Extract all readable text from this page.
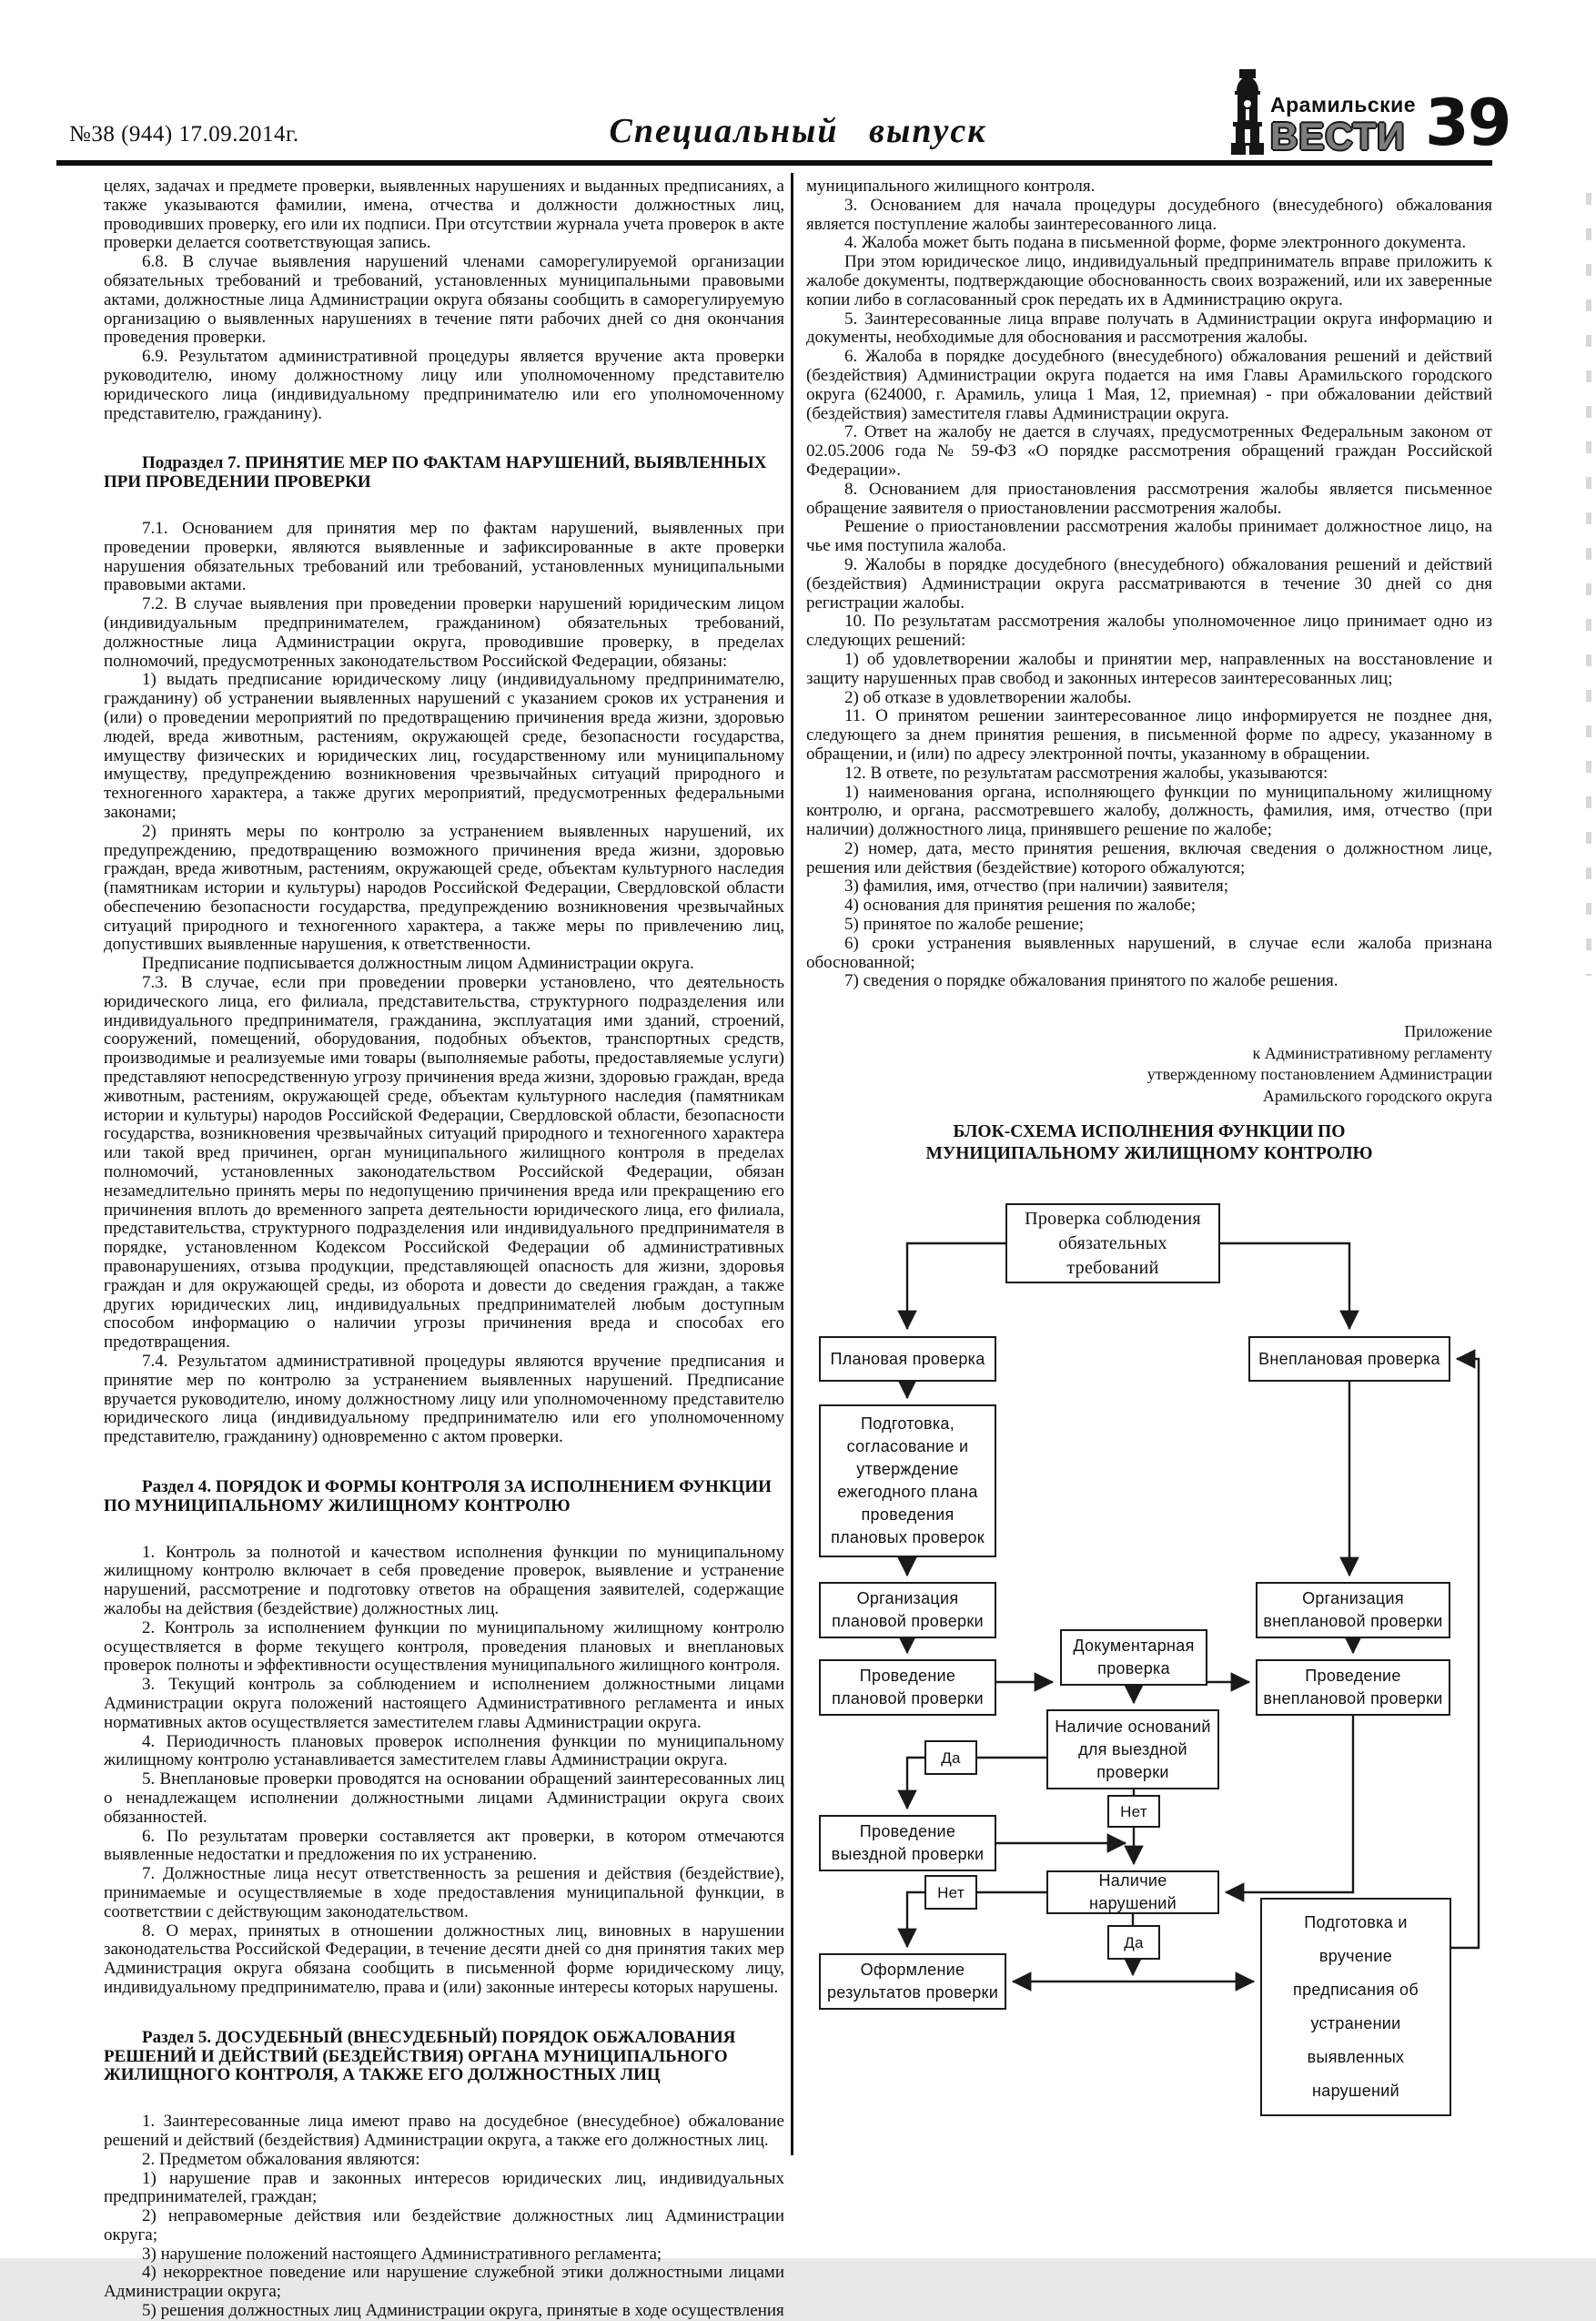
№38 (944) 17.09.2014г.	Специальный выпуск
Арамильские
ВЕСТИ 39

целях, задачах и предмете проверки, выявленных нарушениях и выданных предписаниях, а также указываются фамилии, имена, отчества и должности должностных лиц, проводивших проверку, его или их подписи. При отсутствии журнала учета проверок в акте проверки делается соответствующая запись.

6.8. В случае выявления нарушений членами саморегулируемой организации обязательных требований и требований, установленных муниципальными правовыми актами, должностные лица Администрации округа обязаны сообщить в саморегулируемую организацию о выявленных нарушениях в течение пяти рабочих дней со дня окончания проведения проверки.

6.9. Результатом административной процедуры является вручение акта проверки руководителю, иному должностному лицу или уполномоченному представителю юридического лица (индивидуальному предпринимателю или его уполномоченному представителю, гражданину).

Подраздел 7. ПРИНЯТИЕ МЕР ПО ФАКТАМ НАРУШЕНИЙ, ВЫЯВЛЕННЫХ ПРИ ПРОВЕДЕНИИ ПРОВЕРКИ

7.1. Основанием для принятия мер по фактам нарушений, выявленных при проведении проверки, являются выявленные и зафиксированные в акте проверки нарушения обязательных требований или требований, установленных муниципальными правовыми актами.

7.2. В случае выявления при проведении проверки нарушений юридическим лицом (индивидуальным предпринимателем, гражданином) обязательных требований, должностные лица Администрации округа, проводившие проверку, в пределах полномочий, предусмотренных законодательством Российской Федерации, обязаны:

1) выдать предписание юридическому лицу (индивидуальному предпринимателю, гражданину) об устранении выявленных нарушений с указанием сроков их устранения и (или) о проведении мероприятий по предотвращению причинения вреда жизни, здоровью людей, вреда животным, растениям, окружающей среде, безопасности государства, имуществу физических и юридических лиц, государственному или муниципальному имуществу, предупреждению возникновения чрезвычайных ситуаций природного и техногенного характера, а также других мероприятий, предусмотренных федеральными законами;

2) принять меры по контролю за устранением выявленных нарушений, их предупреждению, предотвращению возможного причинения вреда жизни, здоровью граждан, вреда животным, растениям, окружающей среде, объектам культурного наследия (памятникам истории и культуры) народов Российской Федерации, Свердловской области обеспечению безопасности государства, предупреждению возникновения чрезвычайных ситуаций природного и техногенного характера, а также меры по привлечению лиц, допустивших выявленные нарушения, к ответственности.

Предписание подписывается должностным лицом Администрации округа.

7.3. В случае, если при проведении проверки установлено, что деятельность юридического лица, его филиала, представительства, структурного подразделения или индивидуального предпринимателя, гражданина, эксплуатация ими зданий, строений, сооружений, помещений, оборудования, подобных объектов, транспортных средств, производимые и реализуемые ими товары (выполняемые работы, предоставляемые услуги) представляют непосредственную угрозу причинения вреда жизни, здоровью граждан, вреда животным, растениям, окружающей среде, объектам культурного наследия (памятникам истории и культуры) народов Российской Федерации, Свердловской области, безопасности государства, возникновения чрезвычайных ситуаций природного и техногенного характера или такой вред причинен, орган муниципального жилищного контроля в пределах полномочий, установленных законодательством Российской Федерации, обязан незамедлительно принять меры по недопущению причинения вреда или прекращению его причинения вплоть до временного запрета деятельности юридического лица, его филиала, представительства, структурного подразделения или индивидуального предпринимателя в порядке, установленном Кодексом Российской Федерации об административных правонарушениях, отзыва продукции, представляющей опасность для жизни, здоровья граждан и для окружающей среды, из оборота и довести до сведения граждан, а также других юридических лиц, индивидуальных предпринимателей любым доступным способом информацию о наличии угрозы причинения вреда и способах его предотвращения.

7.4. Результатом административной процедуры являются вручение предписания и принятие мер по контролю за устранением выявленных нарушений. Предписание вручается руководителю, иному должностному лицу или уполномоченному представителю юридического лица (индивидуальному предпринимателю или его уполномоченному представителю, гражданину) одновременно с актом проверки.

Раздел 4. ПОРЯДОК И ФОРМЫ КОНТРОЛЯ ЗА ИСПОЛНЕНИЕМ ФУНКЦИИ ПО МУНИЦИПАЛЬНОМУ ЖИЛИЩНОМУ КОНТРОЛЮ

1. Контроль за полнотой и качеством исполнения функции по муниципальному жилищному контролю включает в себя проведение проверок, выявление и устранение нарушений, рассмотрение и подготовку ответов на обращения заявителей, содержащие жалобы на действия (бездействие) должностных лиц.

2. Контроль за исполнением функции по муниципальному жилищному контролю осуществляется в форме текущего контроля, проведения плановых и внеплановых проверок полноты и эффективности осуществления муниципального жилищного контроля.

3. Текущий контроль за соблюдением и исполнением должностными лицами Администрации округа положений настоящего Административного регламента и иных нормативных актов осуществляется заместителем главы Администрации округа.

4. Периодичность плановых проверок исполнения функции по муниципальному жилищному контролю устанавливается заместителем главы Администрации округа.

5. Внеплановые проверки проводятся на основании обращений заинтересованных лиц о ненадлежащем исполнении должностными лицами Администрации округа своих обязанностей.

6. По результатам проверки составляется акт проверки, в котором отмечаются выявленные недостатки и предложения по их устранению.

7. Должностные лица несут ответственность за решения и действия (бездействие), принимаемые и осуществляемые в ходе предоставления муниципальной функции, в соответствии с действующим законодательством.

8. О мерах, принятых в отношении должностных лиц, виновных в нарушении законодательства Российской Федерации, в течение десяти дней со дня принятия таких мер Администрация округа обязана сообщить в письменной форме юридическому лицу, индивидуальному предпринимателю, права и (или) законные интересы которых нарушены.

Раздел 5. ДОСУДЕБНЫЙ (ВНЕСУДЕБНЫЙ) ПОРЯДОК ОБЖАЛОВАНИЯ РЕШЕНИЙ И ДЕЙСТВИЙ (БЕЗДЕЙСТВИЯ) ОРГАНА МУНИЦИПАЛЬНОГО ЖИЛИЩНОГО КОНТРОЛЯ, А ТАКЖЕ ЕГО ДОЛЖНОСТНЫХ ЛИЦ

1. Заинтересованные лица имеют право на досудебное (внесудебное) обжалование решений и действий (бездействия) Администрации округа, а также его должностных лиц.

2. Предметом обжалования являются:

1) нарушение прав и законных интересов юридических лиц, индивидуальных предпринимателей, граждан;

2) неправомерные действия или бездействие должностных лиц Администрации округа;

3) нарушение положений настоящего Административного регламента;

4) некорректное поведение или нарушение служебной этики должностными лицами Администрации округа;

5) решения должностных лиц Администрации округа, принятые в ходе осуществления

муниципального жилищного контроля.

3. Основанием для начала процедуры досудебного (внесудебного) обжалования является поступление жалобы заинтересованного лица.

4. Жалоба может быть подана в письменной форме, форме электронного документа.

При этом юридическое лицо, индивидуальный предприниматель вправе приложить к жалобе документы, подтверждающие обоснованность своих возражений, или их заверенные копии либо в согласованный срок передать их в Администрацию округа.

5. Заинтересованные лица вправе получать в Администрации округа информацию и документы, необходимые для обоснования и рассмотрения жалобы.

6. Жалоба в порядке досудебного (внесудебного) обжалования решений и действий (бездействия) Администрации округа подается на имя Главы Арамильского городского округа (624000, г. Арамиль, улица 1 Мая, 12, приемная) - при обжаловании действий (бездействия) заместителя главы Администрации округа.

7. Ответ на жалобу не дается в случаях, предусмотренных Федеральным законом от 02.05.2006 года № 59-ФЗ «О порядке рассмотрения обращений граждан Российской Федерации».

8. Основанием для приостановления рассмотрения жалобы является письменное обращение заявителя о приостановлении рассмотрения жалобы.

Решение о приостановлении рассмотрения жалобы принимает должностное лицо, на чье имя поступила жалоба.

9. Жалобы в порядке досудебного (внесудебного) обжалования решений и действий (бездействия) Администрации округа рассматриваются в течение 30 дней со дня регистрации жалобы.

10. По результатам рассмотрения жалобы уполномоченное лицо принимает одно из следующих решений:

1) об удовлетворении жалобы и принятии мер, направленных на восстановление и защиту нарушенных прав свобод и законных интересов заинтересованных лиц;

2) об отказе в удовлетворении жалобы.

11. О принятом решении заинтересованное лицо информируется не позднее дня, следующего за днем принятия решения, в письменной форме по адресу, указанному в обращении, и (или) по адресу электронной почты, указанному в обращении.

12. В ответе, по результатам рассмотрения жалобы, указываются:

1) наименования органа, исполняющего функции по муниципальному жилищному контролю, и органа, рассмотревшего жалобу, должность, фамилия, имя, отчество (при наличии) должностного лица, принявшего решение по жалобе;

2) номер, дата, место принятия решения, включая сведения о должностном лице, решения или действия (бездействие) которого обжалуются;

3) фамилия, имя, отчество (при наличии) заявителя;

4) основания для принятия решения по жалобе;

5) принятое по жалобе решение;

6) сроки устранения выявленных нарушений, в случае если жалоба признана обоснованной;

7) сведения о порядке обжалования принятого по жалобе решения.

Приложение
к Административному регламенту
утвержденному постановлением Администрации
Арамильского городского округа
БЛОК-СХЕМА ИСПОЛНЕНИЯ ФУНКЦИИ ПО МУНИЦИПАЛЬНОМУ ЖИЛИЩНОМУ КОНТРОЛЮ
Проверка соблюдения обязательных требований
Плановая проверка	Внеплановая проверка
Подготовка, согласование и утверждение ежегодного плана проведения плановых проверок
Организация плановой проверки
Организация внеплановой проверки
Проведение плановой проверки
Документарная проверка	Проведение внеплановой проверки
Наличие оснований для выездной проверки
Да
Проведение выездной проверки
Нет
Наличие нарушений
Нет
Да
Оформление результатов проверки
Подготовка и вручение предписания об устранении выявленных нарушений
